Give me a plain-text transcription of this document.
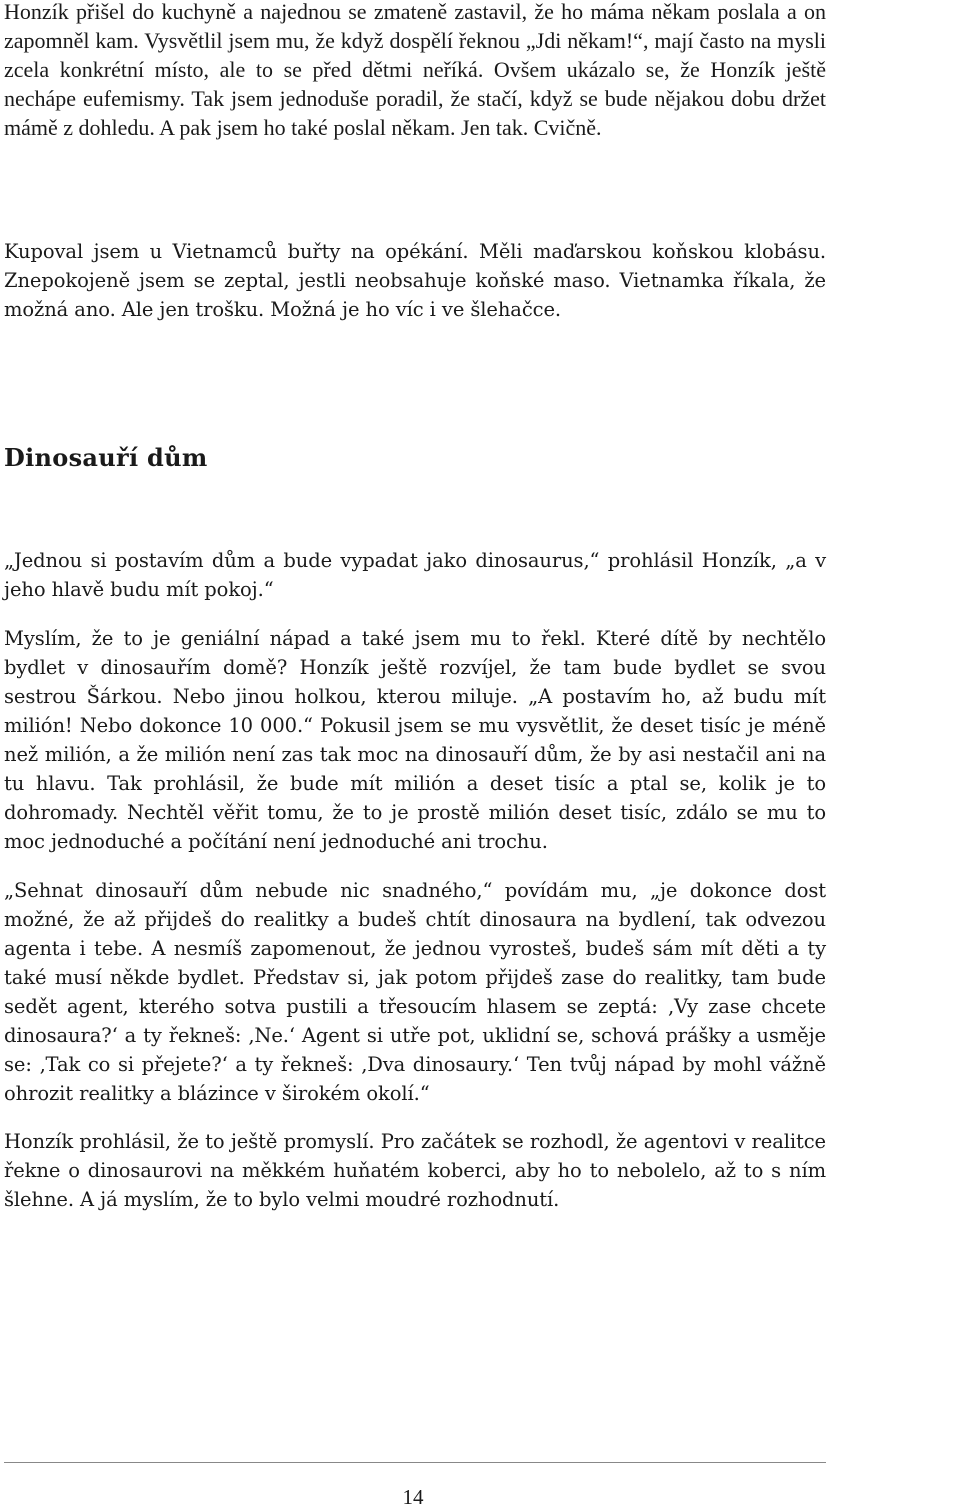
Honzík přišel do kuchyně a najednou se zmateně zastavil, že ho máma někam poslala a on zapomněl kam. Vysvětlil jsem mu, že když dospělí řeknou „Jdi někam!“, mají často na mysli zcela konkrétní místo, ale to se před dětmi neříká. Ovšem ukázalo se, že Honzík ještě nechápe eufemismy. Tak jsem jednoduše poradil, že stačí, když se bude nějakou dobu držet mámě z dohledu. A pak jsem ho také poslal někam. Jen tak. Cvičně.

Kupoval jsem u Vietnamců buřty na opékání. Měli maďarskou koňskou klobásu. Znepokojeně jsem se zeptal, jestli neobsahuje koňské maso. Vietnamka říkala, že možná ano. Ale jen trošku. Možná je ho víc i ve šlehačce.

Dinosauří dům

„Jednou si postavím dům a bude vypadat jako dinosaurus,“ prohlásil Honzík, „a v jeho hlavě budu mít pokoj.“

Myslím, že to je geniální nápad a také jsem mu to řekl. Které dítě by nechtělo bydlet v dinosauřím domě? Honzík ještě rozvíjel, že tam bude bydlet se svou sestrou Šárkou. Nebo jinou holkou, kterou miluje. „A postavím ho, až budu mít milión! Nebo dokonce 10 000.“ Pokusil jsem se mu vysvětlit, že deset tisíc je méně než milión, a že milión není zas tak moc na dinosauří dům, že by asi nestačil ani na tu hlavu. Tak prohlásil, že bude mít milión a deset tisíc a ptal se, kolik je to dohromady. Nechtěl věřit tomu, že to je prostě milión deset tisíc, zdálo se mu to moc jednoduché a počítání není jednoduché ani trochu.

„Sehnat dinosauří dům nebude nic snadného,“ povídám mu, „je dokonce dost možné, že až přijdeš do realitky a budeš chtít dinosaura na bydlení, tak odvezou agenta i tebe. A nesmíš zapomenout, že jednou vyrosteš, budeš sám mít děti a ty také musí někde bydlet. Představ si, jak potom přijdeš zase do realitky, tam bude sedět agent, kterého sotva pustili a třesoucím hlasem se zeptá: ‚Vy zase chcete dinosaura?‘ a ty řekneš: ‚Ne.‘ Agent si utře pot, uklidní se, schová prášky a usměje se: ‚Tak co si přejete?‘ a ty řekneš: ‚Dva dinosaury.‘ Ten tvůj nápad by mohl vážně ohrozit realitky a blázince v širokém okolí.“

Honzík prohlásil, že to ještě promyslí. Pro začátek se rozhodl, že agentovi v realitce řekne o dinosaurovi na měkkém huňatém koberci, aby ho to nebolelo, až to s ním šlehne. A já myslím, že to bylo velmi moudré rozhodnutí.

14
